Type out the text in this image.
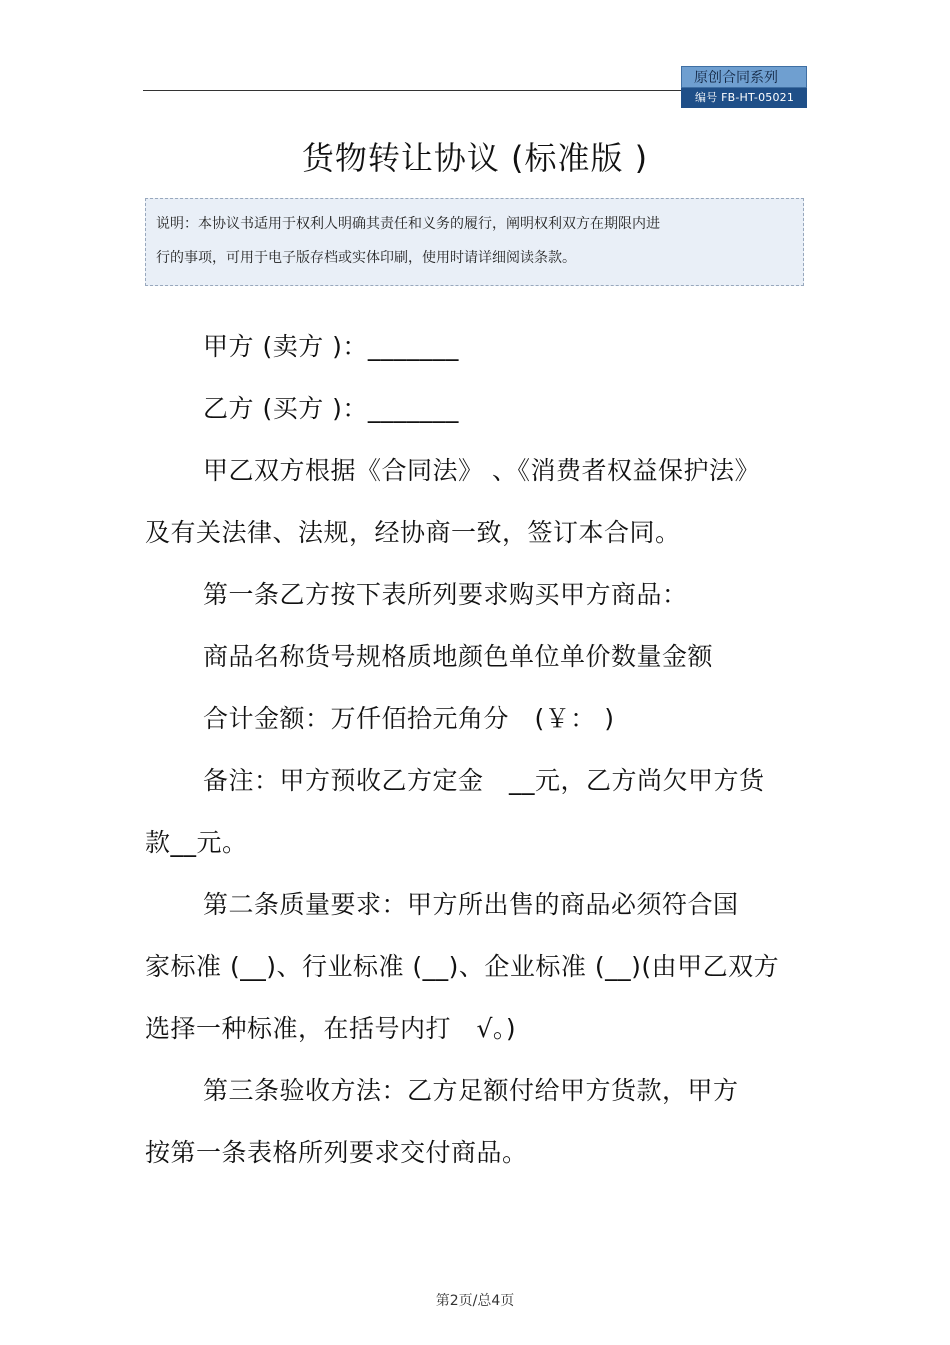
原创合同系列
编号 FB-HT-05021
货物转让协议 (标准版 )
说明：本协议书适用于权利人明确其责任和义务的履行，阐明权利双方在期限内进
行的事项，可用于电子版存档或实体印刷，使用时请详细阅读条款。
甲方 (卖方 )：_______
乙方 (买方 )：_______
甲乙双方根据《合同法》 、《消费者权益保护法》
及有关法律、法规，经协商一致，签订本合同。
第一条乙方按下表所列要求购买甲方商品：
商品名称货号规格质地颜色单位单价数量金额
合计金额：万仟佰拾元角分　(￥： )
备注：甲方预收乙方定金　__元，乙方尚欠甲方货
款__元。
第二条质量要求：甲方所出售的商品必须符合国
家标准 (__)、行业标准 (__)、企业标准 (__)(由甲乙双方
选择一种标准，在括号内打　√。)
第三条验收方法：乙方足额付给甲方货款，甲方
按第一条表格所列要求交付商品。
第2页/总4页
